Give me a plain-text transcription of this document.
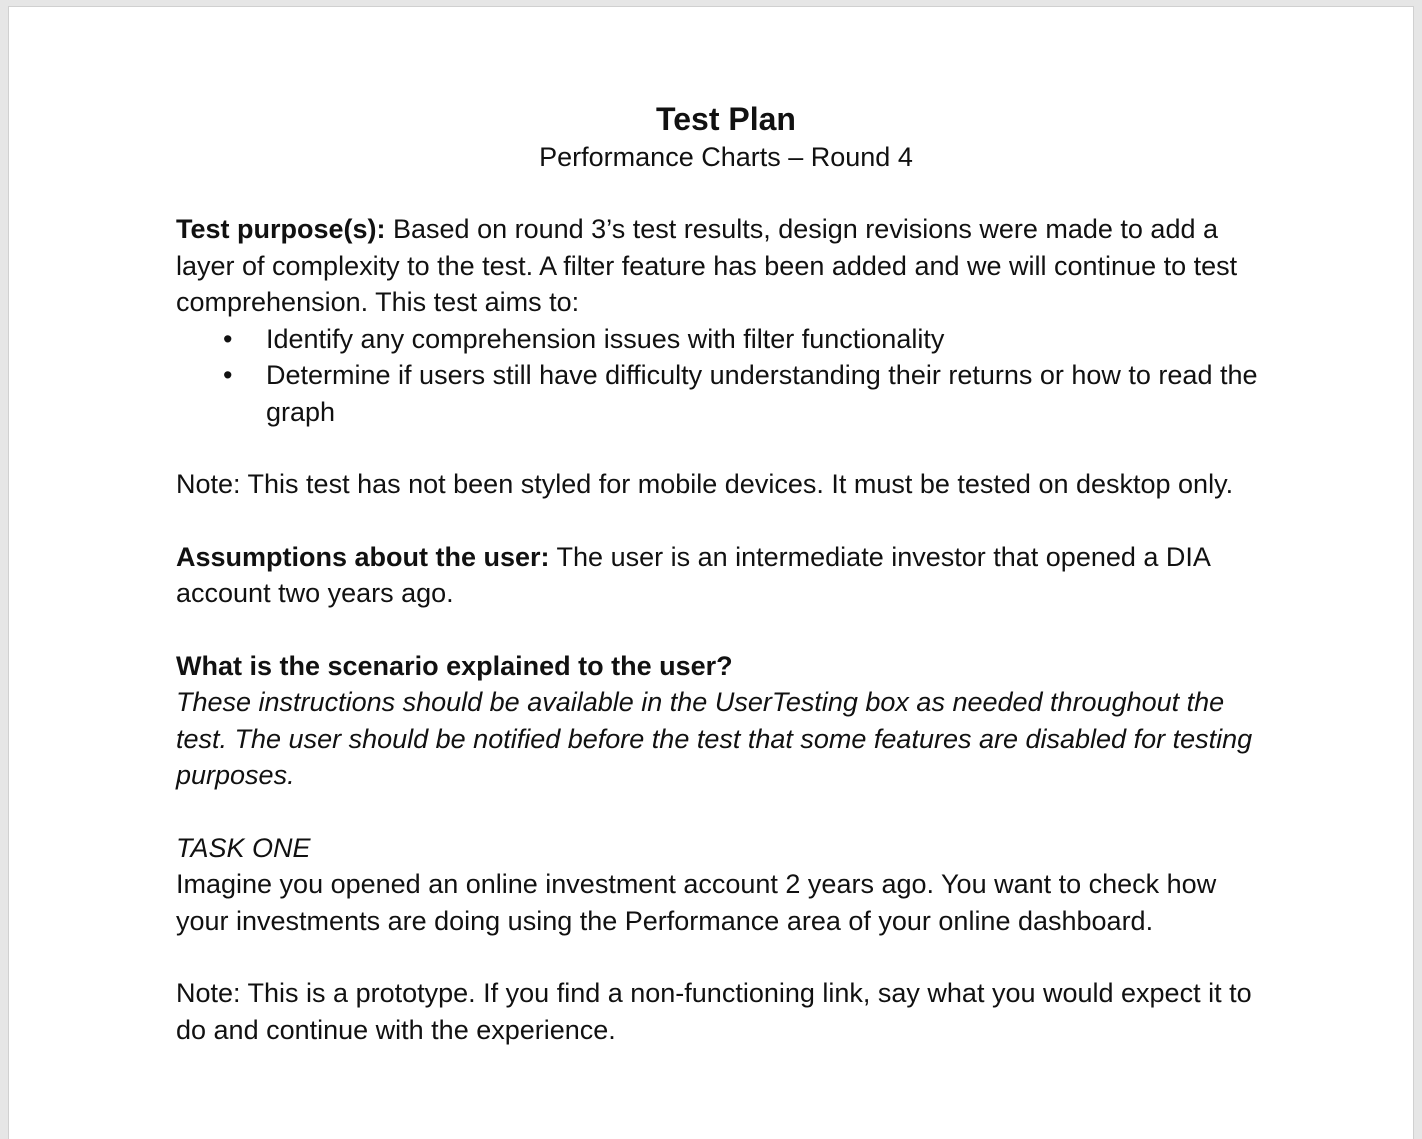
Test Plan
Performance Charts – Round 4

Test purpose(s): Based on round 3’s test results, design revisions were made to add a layer of complexity to the test. A filter feature has been added and we will continue to test comprehension. This test aims to:

• Identify any comprehension issues with filter functionality
• Determine if users still have difficulty understanding their returns or how to read the graph

Note: This test has not been styled for mobile devices. It must be tested on desktop only.

Assumptions about the user: The user is an intermediate investor that opened a DIA account two years ago.

What is the scenario explained to the user?

These instructions should be available in the UserTesting box as needed throughout the test. The user should be notified before the test that some features are disabled for testing purposes.

TASK ONE

Imagine you opened an online investment account 2 years ago. You want to check how your investments are doing using the Performance area of your online dashboard.

Note: This is a prototype. If you find a non-functioning link, say what you would expect it to do and continue with the experience.
